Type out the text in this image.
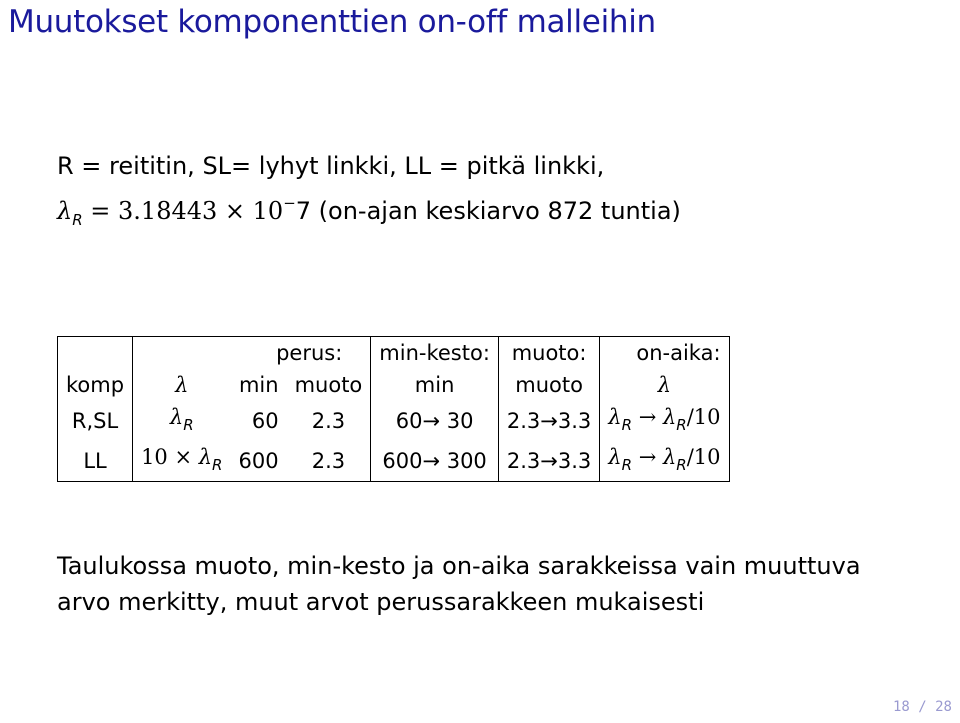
Muutokset komponenttien on-off malleihin
R = reititin, SL= lyhyt linkki, LL = pitkä linkki,
$\lambda_R = 3.18443 \times 10^-7$ (on-ajan keskiarvo 872 tuntia)
	perus:			min-kesto:	muoto:	on-aika:
komp	λ	min	muoto	min	muoto	λ
R,SL	$\lambda_R$	60	2.3	60→ 30	2.3→3.3	$\lambda_R \to \lambda_R/10$
LL	$10 \times \lambda_R$	600	2.3	600→ 300	2.3→3.3	$\lambda_R \to \lambda_R/10$
Taulukossa muoto, min-kesto ja on-aika sarakkeissa vain muuttuva
arvo merkitty, muut arvot perussarakkeen mukaisesti
18 / 28
